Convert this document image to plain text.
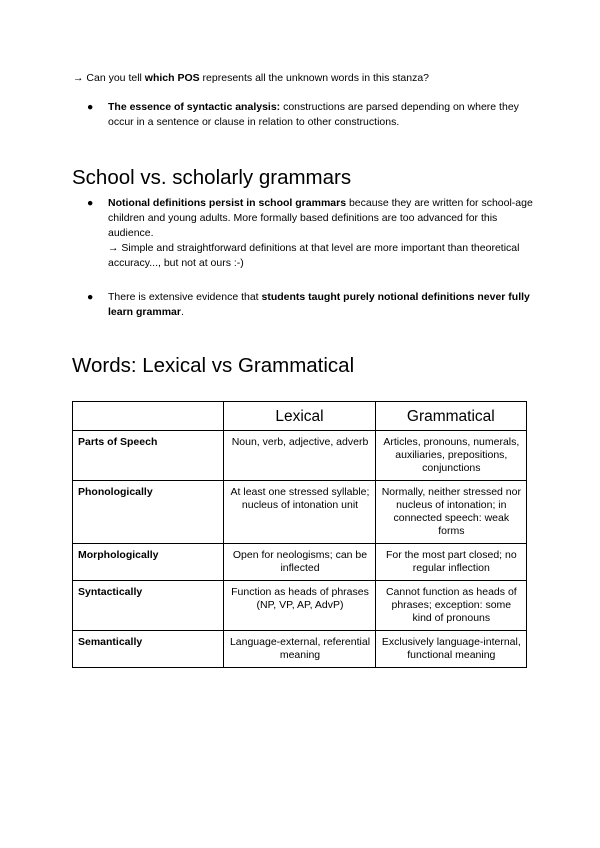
→ Can you tell which POS represents all the unknown words in this stanza?
● The essence of syntactic analysis: constructions are parsed depending on where they occur in a sentence or clause in relation to other constructions.
School vs. scholarly grammars
● Notional definitions persist in school grammars because they are written for school-age children and young adults. More formally based definitions are too advanced for this audience.
→ Simple and straightforward definitions at that level are more important than theoretical accuracy..., but not at ours :-)
● There is extensive evidence that students taught purely notional definitions never fully learn grammar.
Words: Lexical vs Grammatical
	Lexical	Grammatical
Parts of Speech	Noun, verb, adjective, adverb	Articles, pronouns, numerals, auxiliaries, prepositions, conjunctions
Phonologically	At least one stressed syllable; nucleus of intonation unit	Normally, neither stressed nor nucleus of intonation; in connected speech: weak forms
Morphologically	Open for neologisms; can be inflected	For the most part closed; no regular inflection
Syntactically	Function as heads of phrases (NP, VP, AP, AdvP)	Cannot function as heads of phrases; exception: some kind of pronouns
Semantically	Language-external, referential meaning	Exclusively language-internal, functional meaning
